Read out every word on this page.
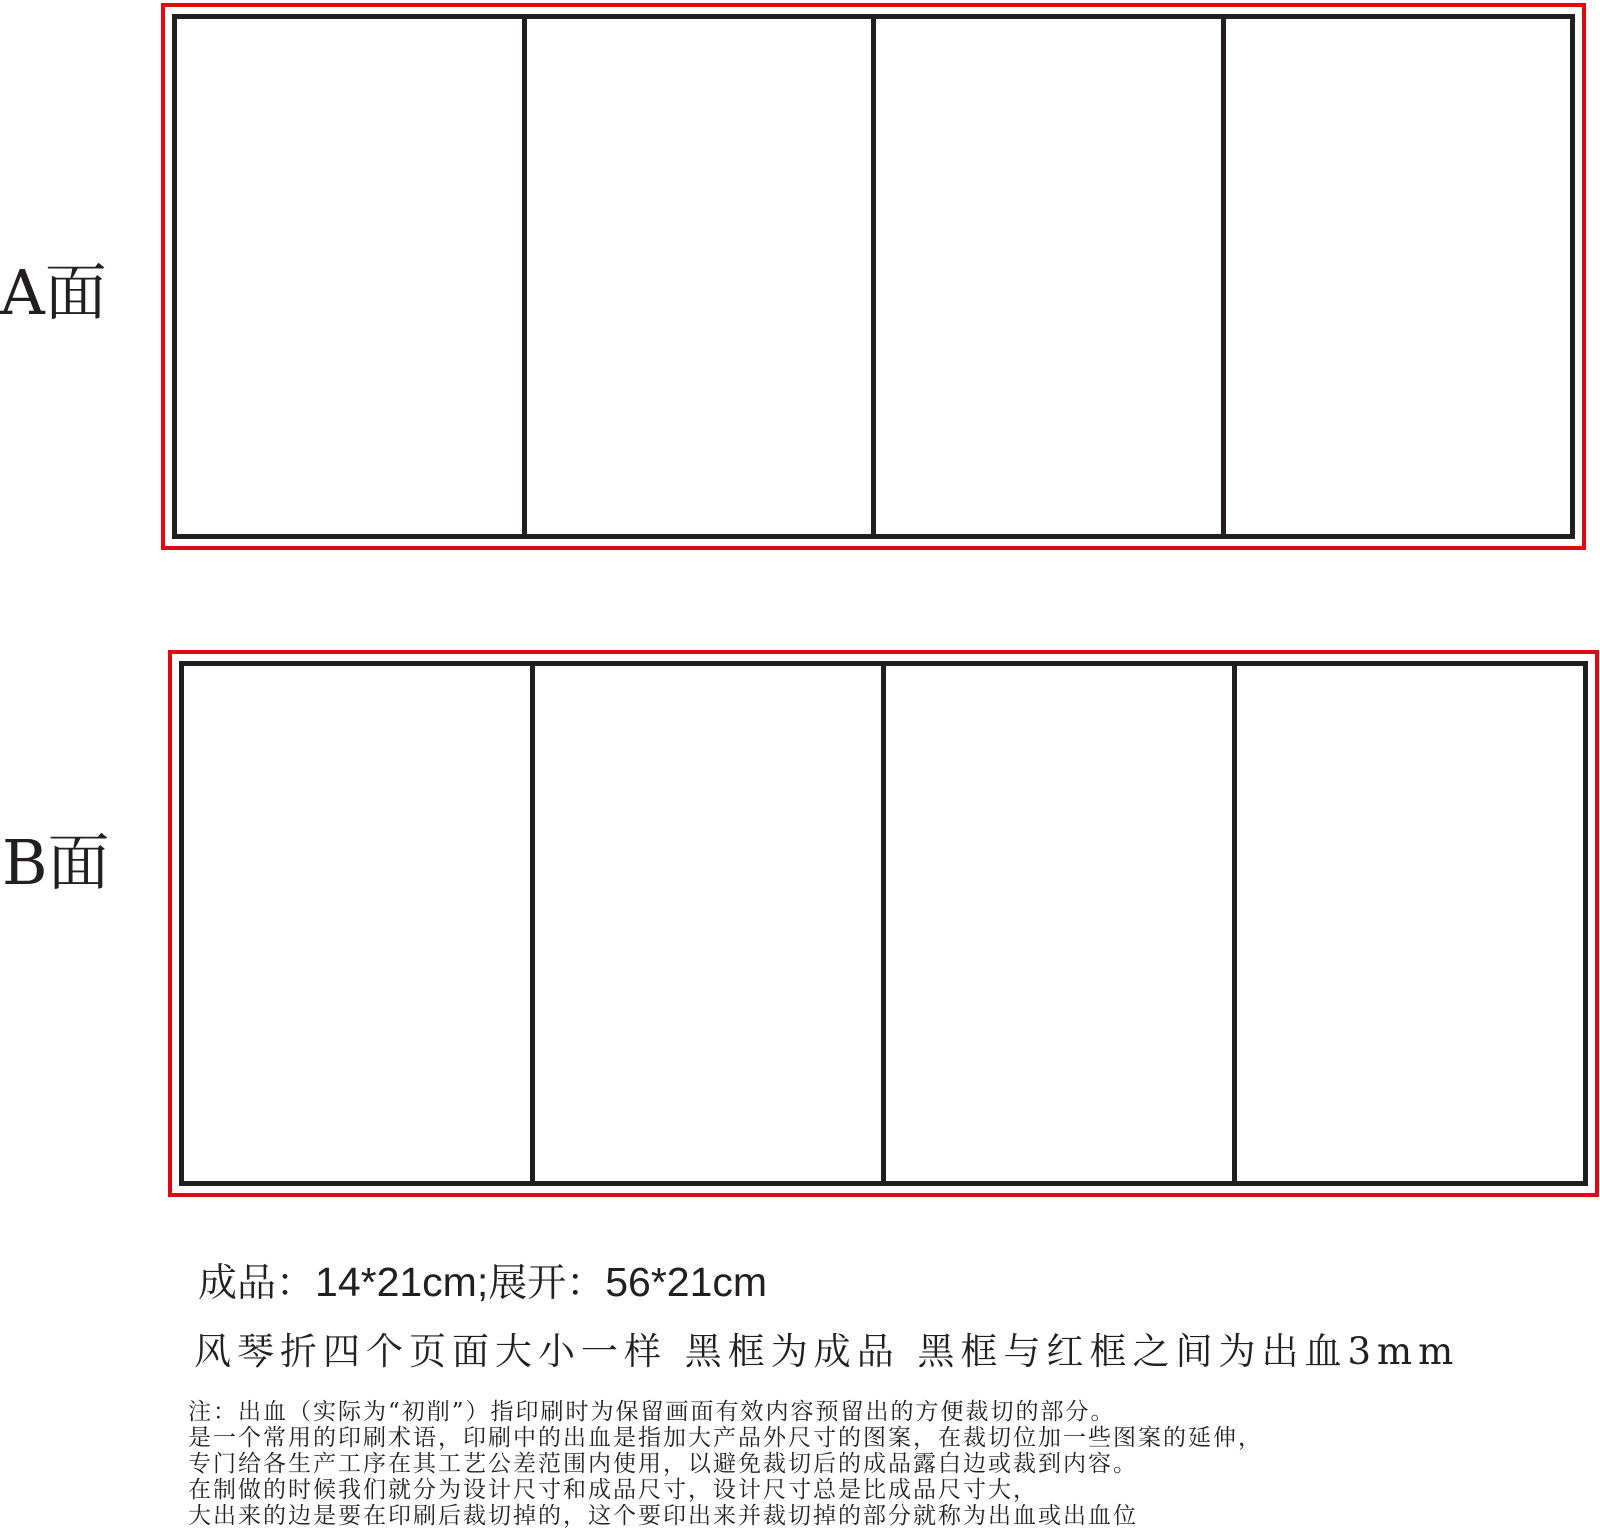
A面
B面
成品：14*21cm;展开：56*21cm
风琴折四个页面大小一样 黑框为成品 黑框与红框之间为出血3mm
注：出血（实际为“初削”）指印刷时为保留画面有效内容预留出的方便裁切的部分。
是一个常用的印刷术语，印刷中的出血是指加大产品外尺寸的图案，在裁切位加一些图案的延伸，
专门给各生产工序在其工艺公差范围内使用，以避免裁切后的成品露白边或裁到内容。
在制做的时候我们就分为设计尺寸和成品尺寸，设计尺寸总是比成品尺寸大，
大出来的边是要在印刷后裁切掉的，这个要印出来并裁切掉的部分就称为出血或出血位
